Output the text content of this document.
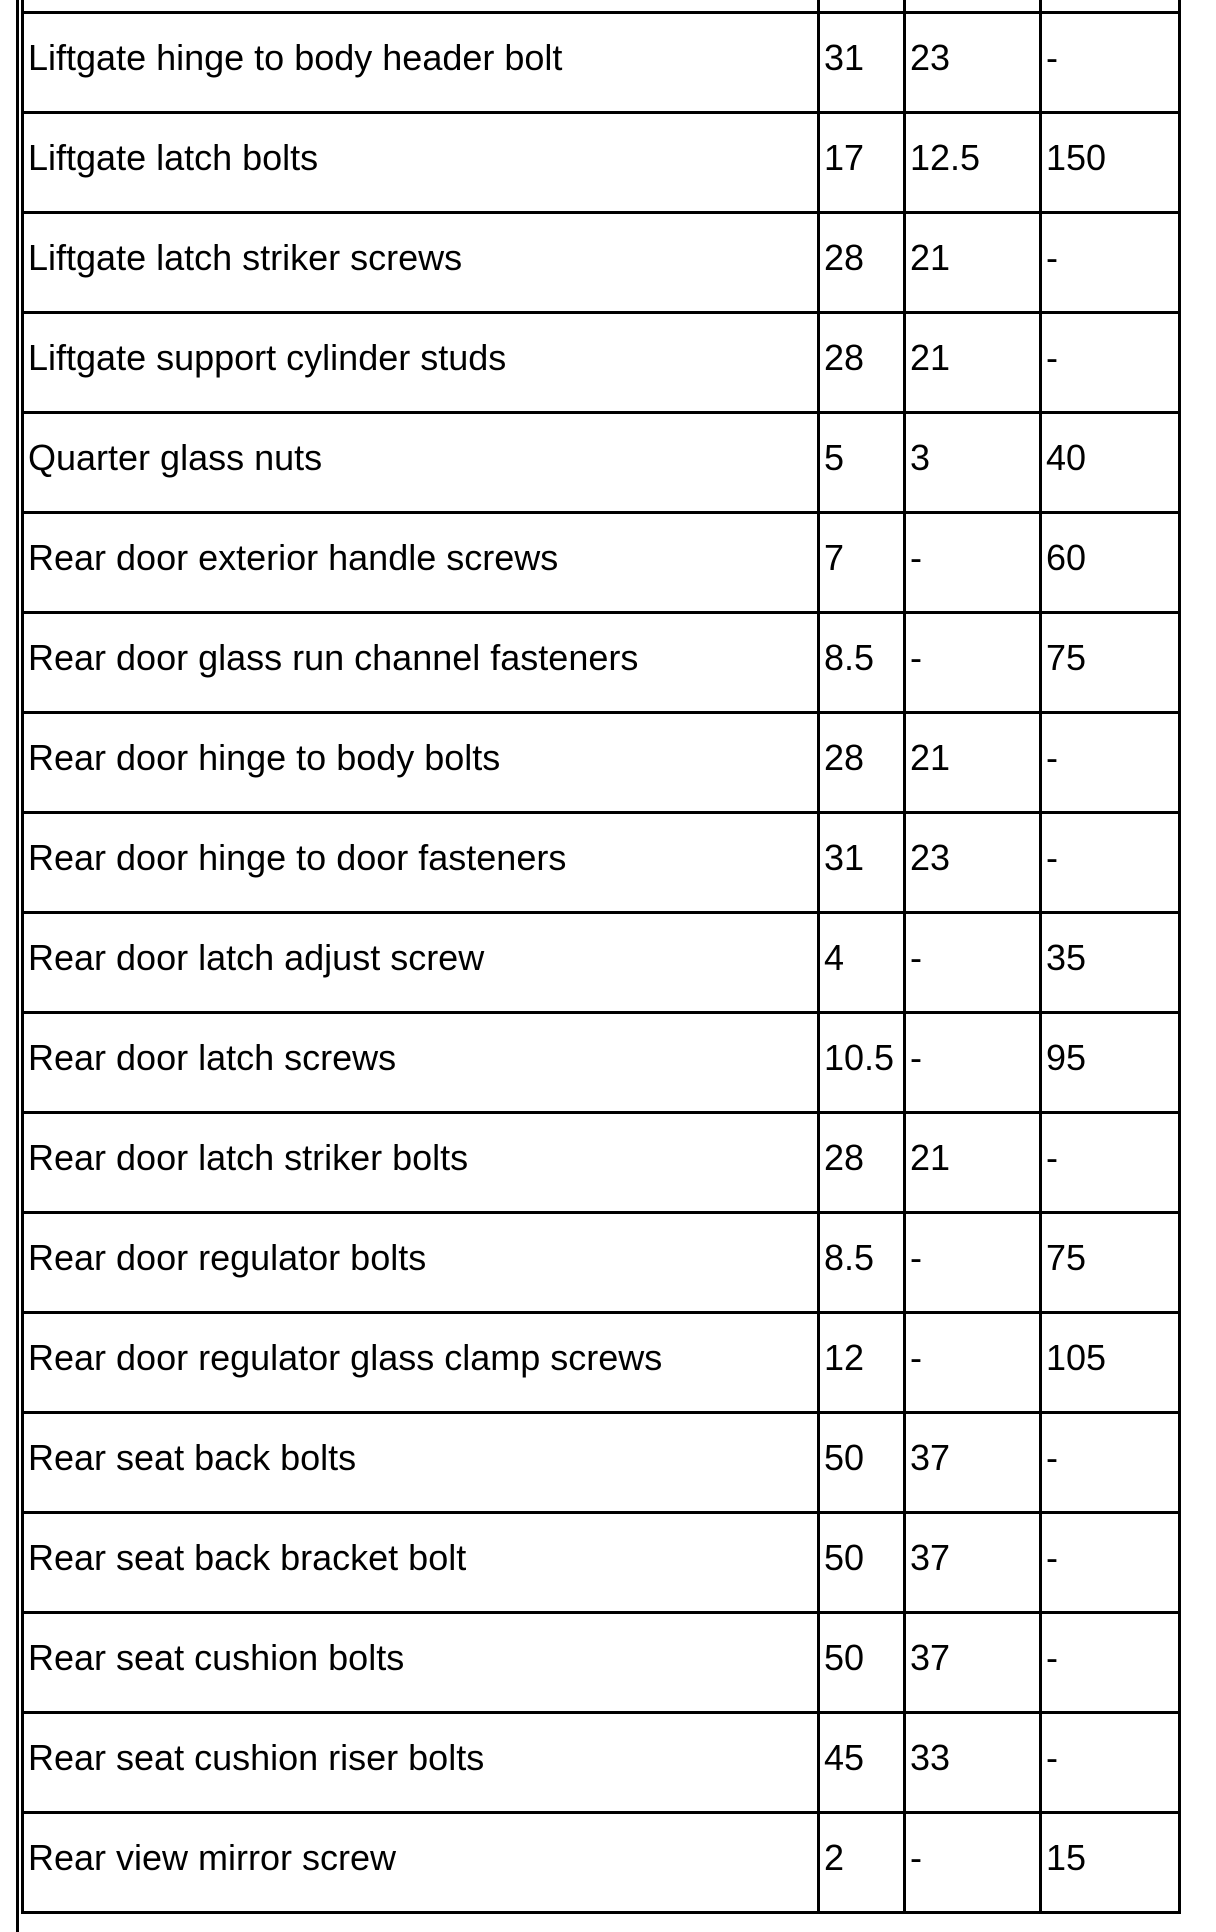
Liftgate hinge to body header bolt	31	23	-

Liftgate latch bolts	17	12.5	150

Liftgate latch striker screws	28	21	-

Liftgate support cylinder studs	28	21	-

Quarter glass nuts	5	3	40

Rear door exterior handle screws	7	-	60

Rear door glass run channel fasteners	8.5	-	75

Rear door hinge to body bolts	28	21	-

Rear door hinge to door fasteners	31	23	-

Rear door latch adjust screw	4	-	35

Rear door latch screws	10.5	-	95

Rear door latch striker bolts	28	21	-

Rear door regulator bolts	8.5	-	75

Rear door regulator glass clamp screws	12	-	105

Rear seat back bolts	50	37	-

Rear seat back bracket bolt	50	37	-

Rear seat cushion bolts	50	37	-

Rear seat cushion riser bolts	45	33	-

Rear view mirror screw	2	-	15
